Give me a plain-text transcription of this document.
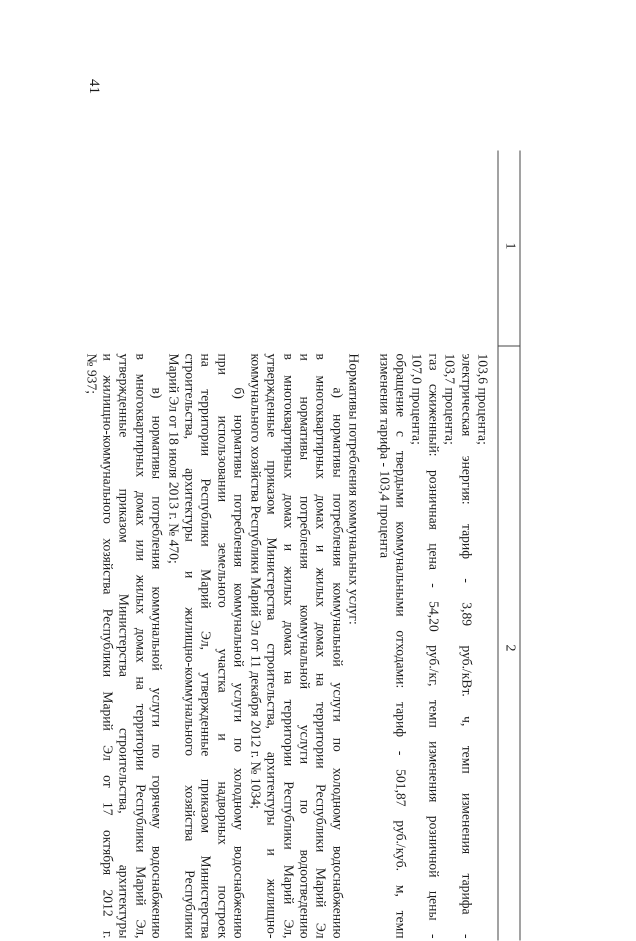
41
1
2
103,6 процента;
электрическая энергия: тариф - 3,89 руб./кВт. ч, темп изменения тарифа -
103,7 процента;
газ сжиженный: розничная цена - 54,20 руб./кг, темп изменения розничной цены -
107,0 процента;
обращение с твердыми коммунальными отходами: тариф - 501,87 руб./куб. м, темп
изменения тарифа - 103,4 процента
Нормативы потребления коммунальных услуг:
а) нормативы потребления коммунальной услуги по холодному водоснабжению
в многоквартирных домах и жилых домах на территории Республики Марий Эл
и нормативы потребления коммунальной услуги по водоотведению
в многоквартирных домах и жилых домах на территории Республики Марий Эл,
утвержденные приказом Министерства строительства, архитектуры и жилищно-
коммунального хозяйства Республики Марий Эл от 11 декабря 2012 г. № 1034;
б) нормативы потребления коммунальной услуги по холодному водоснабжению
при использовании земельного участка и надворных построек
на территории Республики Марий Эл, утвержденные приказом Министерства
строительства, архитектуры и жилищно-коммунального хозяйства Республики
Марий Эл от 18 июля 2013 г. № 470;
в) нормативы потребления коммунальной услуги по горячему водоснабжению
в многоквартирных домах или жилых домах на территории Республики Марий Эл,
утвержденные приказом Министерства строительства, архитектуры
и жилищно-коммунального хозяйства Республики Марий Эл от 17 октября 2012 г.
№ 937;
